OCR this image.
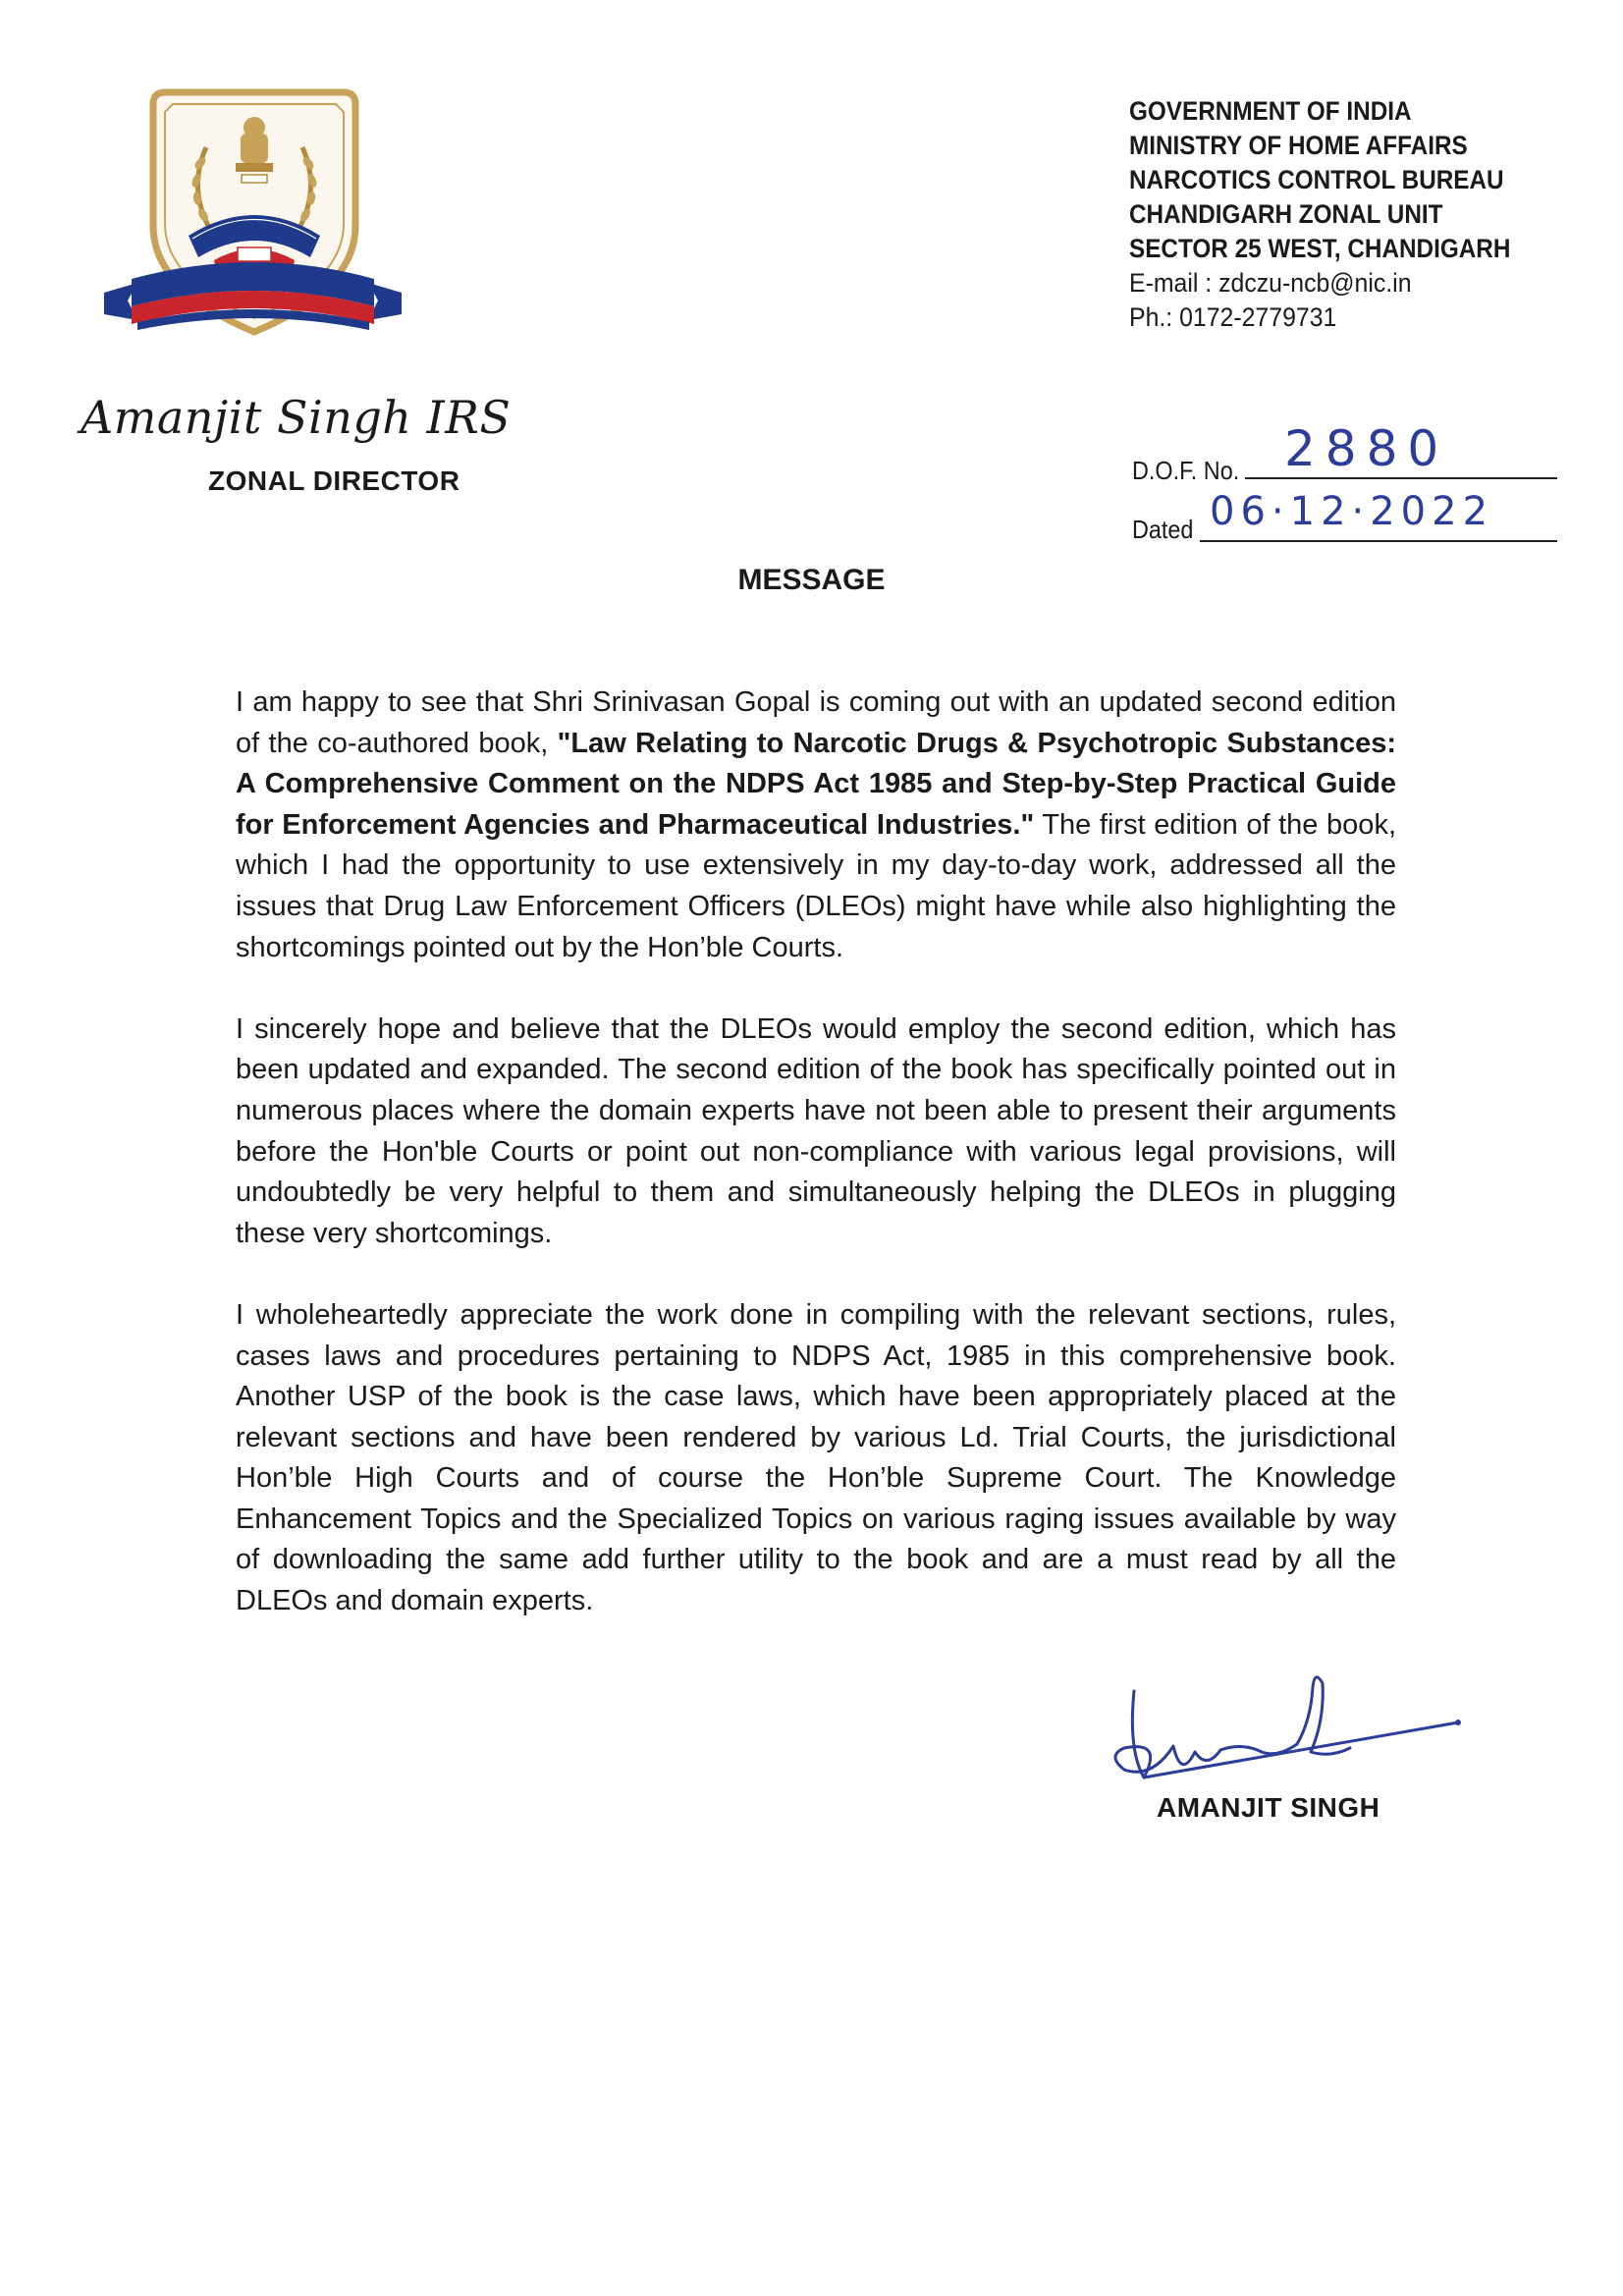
Amanjit Singh IRS
ZONAL DIRECTOR
GOVERNMENT OF INDIA
MINISTRY OF HOME AFFAIRS
NARCOTICS CONTROL BUREAU
CHANDIGARH ZONAL UNIT
SECTOR 25 WEST, CHANDIGARH
E-mail : zdczu-ncb@nic.in
Ph.: 0172-2779731
D.O.F. No. 2880
Dated 06·12·2022
MESSAGE

I am happy to see that Shri Srinivasan Gopal is coming out with an updated second edition of the co-authored book, "Law Relating to Narcotic Drugs & Psychotropic Substances: A Comprehensive Comment on the NDPS Act 1985 and Step-by-Step Practical Guide for Enforcement Agencies and Pharmaceutical Industries." The first edition of the book, which I had the opportunity to use extensively in my day-to-day work, addressed all the issues that Drug Law Enforcement Officers (DLEOs) might have while also highlighting the shortcomings pointed out by the Hon’ble Courts.

I sincerely hope and believe that the DLEOs would employ the second edition, which has been updated and expanded. The second edition of the book has specifically pointed out in numerous places where the domain experts have not been able to present their arguments before the Hon'ble Courts or point out non-compliance with various legal provisions, will undoubtedly be very helpful to them and simultaneously helping the DLEOs in plugging these very shortcomings.

I wholeheartedly appreciate the work done in compiling with the relevant sections, rules, cases laws and procedures pertaining to NDPS Act, 1985 in this comprehensive book. Another USP of the book is the case laws, which have been appropriately placed at the relevant sections and have been rendered by various Ld. Trial Courts, the jurisdictional Hon’ble High Courts and of course the Hon’ble Supreme Court. The Knowledge Enhancement Topics and the Specialized Topics on various raging issues available by way of downloading the same add further utility to the book and are a must read by all the DLEOs and domain experts.

AMANJIT SINGH
